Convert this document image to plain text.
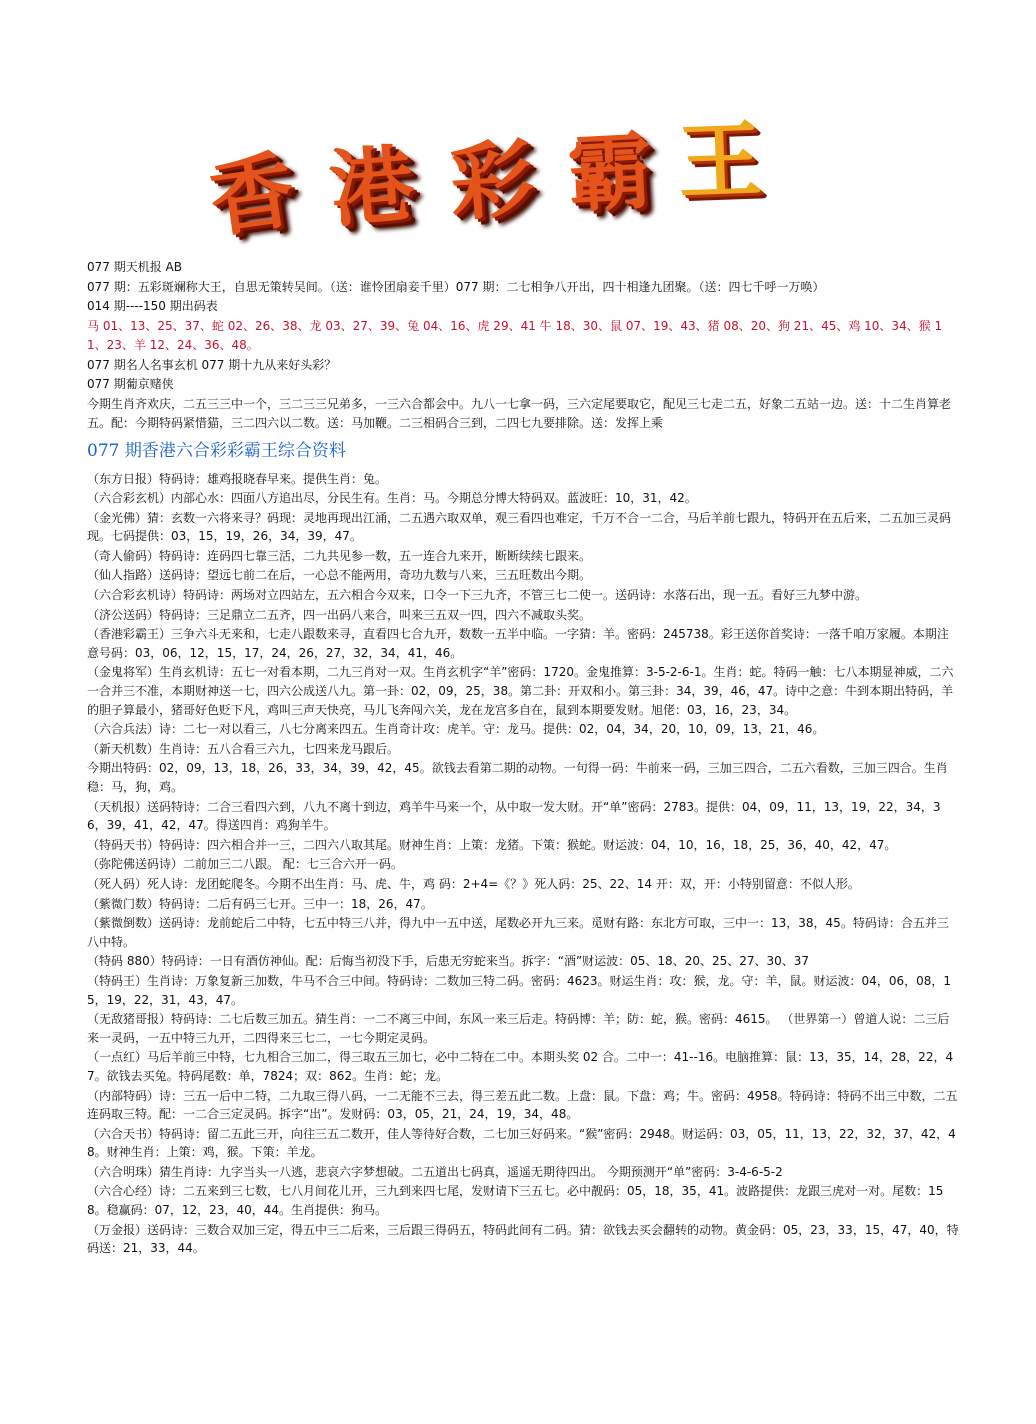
香 港 彩 霸 王

077 期天机报 AB

077 期：五彩斑斓称大王，自思无策转吴间。（送：谁怜团扇妾千里）077 期：二七相争八开出，四十相逢九团聚。（送：四七千呼一万唤）

014 期----150 期出码表

马 01、13、25、37、蛇 02、26、38、龙 03、27、39、兔 04、16、虎 29、41 牛 18、30、鼠 07、19、43、猪 08、20、狗 21、45、鸡 10、34、猴 11、23、羊 12、24、36、48。

077 期名人名事玄机 077 期十九从来好头彩？

077 期葡京赌侠

今期生肖齐欢庆，二五三三中一个，三二三三兄弟多，一三六合都会中。九八一七拿一码，三六定尾要取它，配见三七走二五，好象二五站一边。送：十二生肖算老五。配：今期特码紧惜猫，三二四六以二数。送：马加鞭。二三相码合三到，二四七九要排除。送：发挥上乘

077 期香港六合彩彩霸王综合资料

（东方日报）特码诗：雄鸡报晓春早来。提供生肖：兔。

（六合彩玄机）内部心水：四面八方追出尽，分民生有。生肖：马。今期总分博大特码双。蓝波旺：10，31，42。

（金光佛）猜：玄数一六将来寻？码现：灵地再现出江涌，二五遇六取双单，观三看四也难定，千万不合一二合，马后羊前七跟九，特码开在五后来，二五加三灵码现。七码提供：03，15，19，26，34，39，47。

（奇人偷码）特码诗：连码四七靠三活，二九共见参一数，五一连合九来开，断断续续七跟来。

（仙人指路）送码诗：望远七前二在后，一心总不能两用，奇功九数与八来，三五旺数出今期。

（六合彩玄机诗）特码诗：两场对立四站左，五六相合今双来，口令一下三九齐，不管三七二使一。送码诗：水落石出，现一五。看好三九梦中游。

（济公送码）特码诗：三足鼎立二五齐，四一出码八来合，叫来三五双一四，四六不减取头奖。

（香港彩霸王）三争六斗无来和，七走八跟数来寻，直看四七合九开，数数一五半中临。一字猜：羊。密码：245738。彩王送你首奖诗：一落千咱万家履。本期注意号码：03，06，12，15，17，24，26，27，32，34，41，46。

（金鬼将军）生肖玄机诗：五七一对看本期，二九三肖对一双。生肖玄机字“羊”密码：1720。金鬼推算：3-5-2-6-1。生肖：蛇。特码一触：七八本期显神威，二六一合并三不准，本期财神送一七，四六公成送八九。第一卦：02，09，25，38。第二卦：开双和小。第三卦：34，39，46，47。诗中之意：牛到本期出特码，羊的胆子算最小，猪哥好色贬下凡，鸡叫三声天快亮，马儿飞奔闯六关，龙在龙宫多自在，鼠到本期要发财。旭佬：03，16，23，34。

（六合兵法）诗：二七一对以看三，八七分离来四五。生肖奇计攻：虎羊。守：龙马。提供：02，04，34，20，10，09，13，21，46。

（新天机数）生肖诗：五八合看三六九，七四来龙马跟后。

今期出特码：02，09，13，18，26，33，34，39，42，45。欲钱去看第二期的动物。一句得一码：牛前来一码，三加三四合，二五六看数，三加三四合。生肖稳：马，狗，鸡。

（天机报）送码特诗：二合三看四六到，八九不离十到边，鸡羊牛马来一个，从中取一发大财。开“单”密码：2783。提供：04，09，11，13，19，22，34，36，39，41，42，47。得送四肖：鸡狗羊牛。

（特码天书）特码诗：四六相合并一三，二四六八取其尾。财神生肖：上策：龙猪。下策：猴蛇。财运波：04，10，16，18，25，36，40，42，47。

（弥陀佛送码诗）二前加三二八跟。 配：七三合六开一码。

（死人码）死人诗：龙团蛇爬冬。今期不出生肖：马、虎、牛，鸡 码：2+4=《？》死人码：25、22、14 开：双，开：小特别留意：不似人形。

（紫微门数）特码诗：二后有码三七开。三中一：18，26，47。

（紫微倒数）送码诗：龙前蛇后二中特，七五中特三八并，得九中一五中送，尾数必开九三来。觅财有路：东北方可取，三中一：13，38，45。特码诗：合五并三八中特。

（特码 880）特码诗：一日有酒仿神仙。配：后悔当初没下手，后患无穷蛇来当。拆字：“酒”财运波：05、18、20、25、27、30、37

（特码王）生肖诗：万象复新三加数，牛马不合三中间。特码诗：二数加三特二码。密码：4623。财运生肖：攻：猴，龙。守：羊，鼠。财运波：04，06，08，15，19，22，31，43，47。

（无敌猪哥报）特码诗：二七后数三加五。猜生肖：一二不离三中间，东风一来三后走。特码博：羊；防：蛇，猴。密码：4615。 （世界第一）曾道人说：二三后来一灵码，一五中特三九开，二四得来三七二，一七今期定灵码。

（一点红）马后羊前三中特，七九相合三加二，得三取五三加七，必中二特在二中。本期头奖 02 合。二中一：41--16。电脑推算：鼠：13，35，14，28，22，47。欲钱去买兔。特码尾数：单，7824；双：862。生肖：蛇；龙。

（内部特码）诗：三五一后中二特，二九取三得八码，一二无能不三去，得三差五此二数。上盘：鼠。下盘：鸡；牛。密码：4958。特码诗：特码不出三中数，二五连码取三特。配：一二合三定灵码。拆字“出”。发财码：03，05，21，24，19，34，48。

（六合天书）特码诗：留二五此三开，向往三五二数开，佳人等待好合数，二七加三好码来。“猴”密码：2948。财运码：03，05，11，13，22，32，37，42，48。财神生肖：上策：鸡，猴。下策：羊龙。

（六合明珠）猜生肖诗：九字当头一八逃，悲哀六字梦想破。二五道出七码真，遥遥无期待四出。 今期预测开“单”密码：3-4-6-5-2

（六合心经）诗：二五来到三七数，七八月间花儿开，三九到来四七尾，发财请下三五七。必中靓码：05，18，35，41。波路提供：龙跟三虎对一对。尾数：158。稳赢码：07，12，23，40，44。生肖提供：狗马。

（万金报）送码诗：三数合双加三定，得五中三二后来，三后跟三得码五，特码此间有二码。猜：欲钱去买会翻转的动物。黄金码：05，23，33，15，47，40，特码送：21，33，44。
